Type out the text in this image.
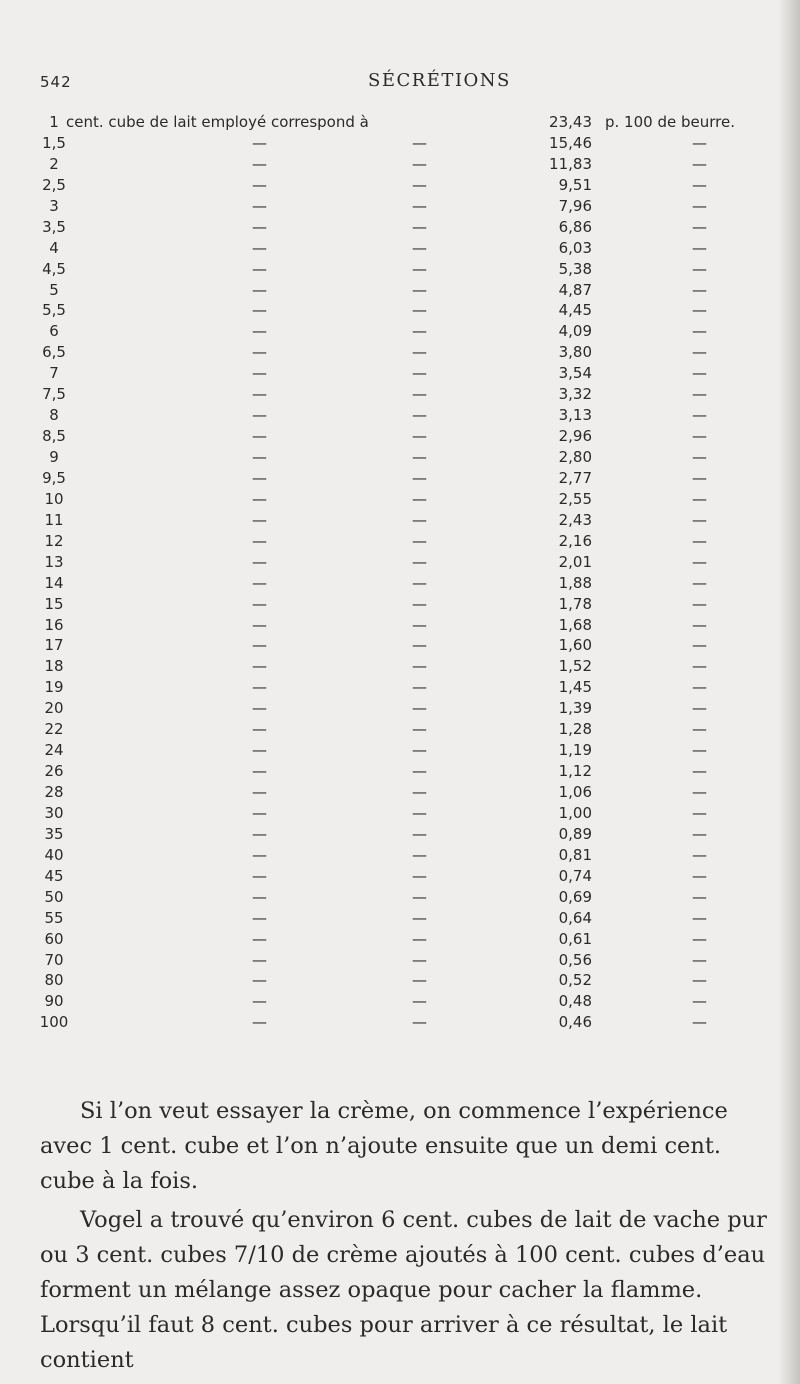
542	SÉCRÉTIONS
1 cent. cube de lait employé correspond à	23,43 p. 100 de beurre.
1,5	—	—	15,46	—
2	—	—	11,83	—
2,5	—	—	9,51	—
3	—	—	7,96	—
3,5	—	—	6,86	—
4	—	—	6,03	—
4,5	—	—	5,38	—
5	—	—	4,87	—
5,5	—	—	4,45	—
6	—	—	4,09	—
6,5	—	—	3,80	—
7	—	—	3,54	—
7,5	—	—	3,32	—
8	—	—	3,13	—
8,5	—	—	2,96	—
9	—	—	2,80	—
9,5	—	—	2,77	—
10	—	—	2,55	—
11	—	—	2,43	—
12	—	—	2,16	—
13	—	—	2,01	—
14	—	—	1,88	—
15	—	—	1,78	—
16	—	—	1,68	—
17	—	—	1,60	—
18	—	—	1,52	—
19	—	—	1,45	—
20	—	—	1,39	—
22	—	—	1,28	—
24	—	—	1,19	—
26	—	—	1,12	—
28	—	—	1,06	—
30	—	—	1,00	—
35	—	—	0,89	—
40	—	—	0,81	—
45	—	—	0,74	—
50	—	—	0,69	—
55	—	—	0,64	—
60	—	—	0,61	—
70	—	—	0,56	—
80	—	—	0,52	—
90	—	—	0,48	—
100	—	—	0,46	—
Si l’on veut essayer la crème, on commence l’expérience avec 1 cent. cube et l’on n’ajoute ensuite que un demi cent. cube à la fois.
Vogel a trouvé qu’environ 6 cent. cubes de lait de vache pur ou 3 cent. cubes 7/10 de crème ajoutés à 100 cent. cubes d’eau forment un mélange assez opaque pour cacher la flamme. Lorsqu’il faut 8 cent. cubes pour arriver à ce résultat, le lait contient
